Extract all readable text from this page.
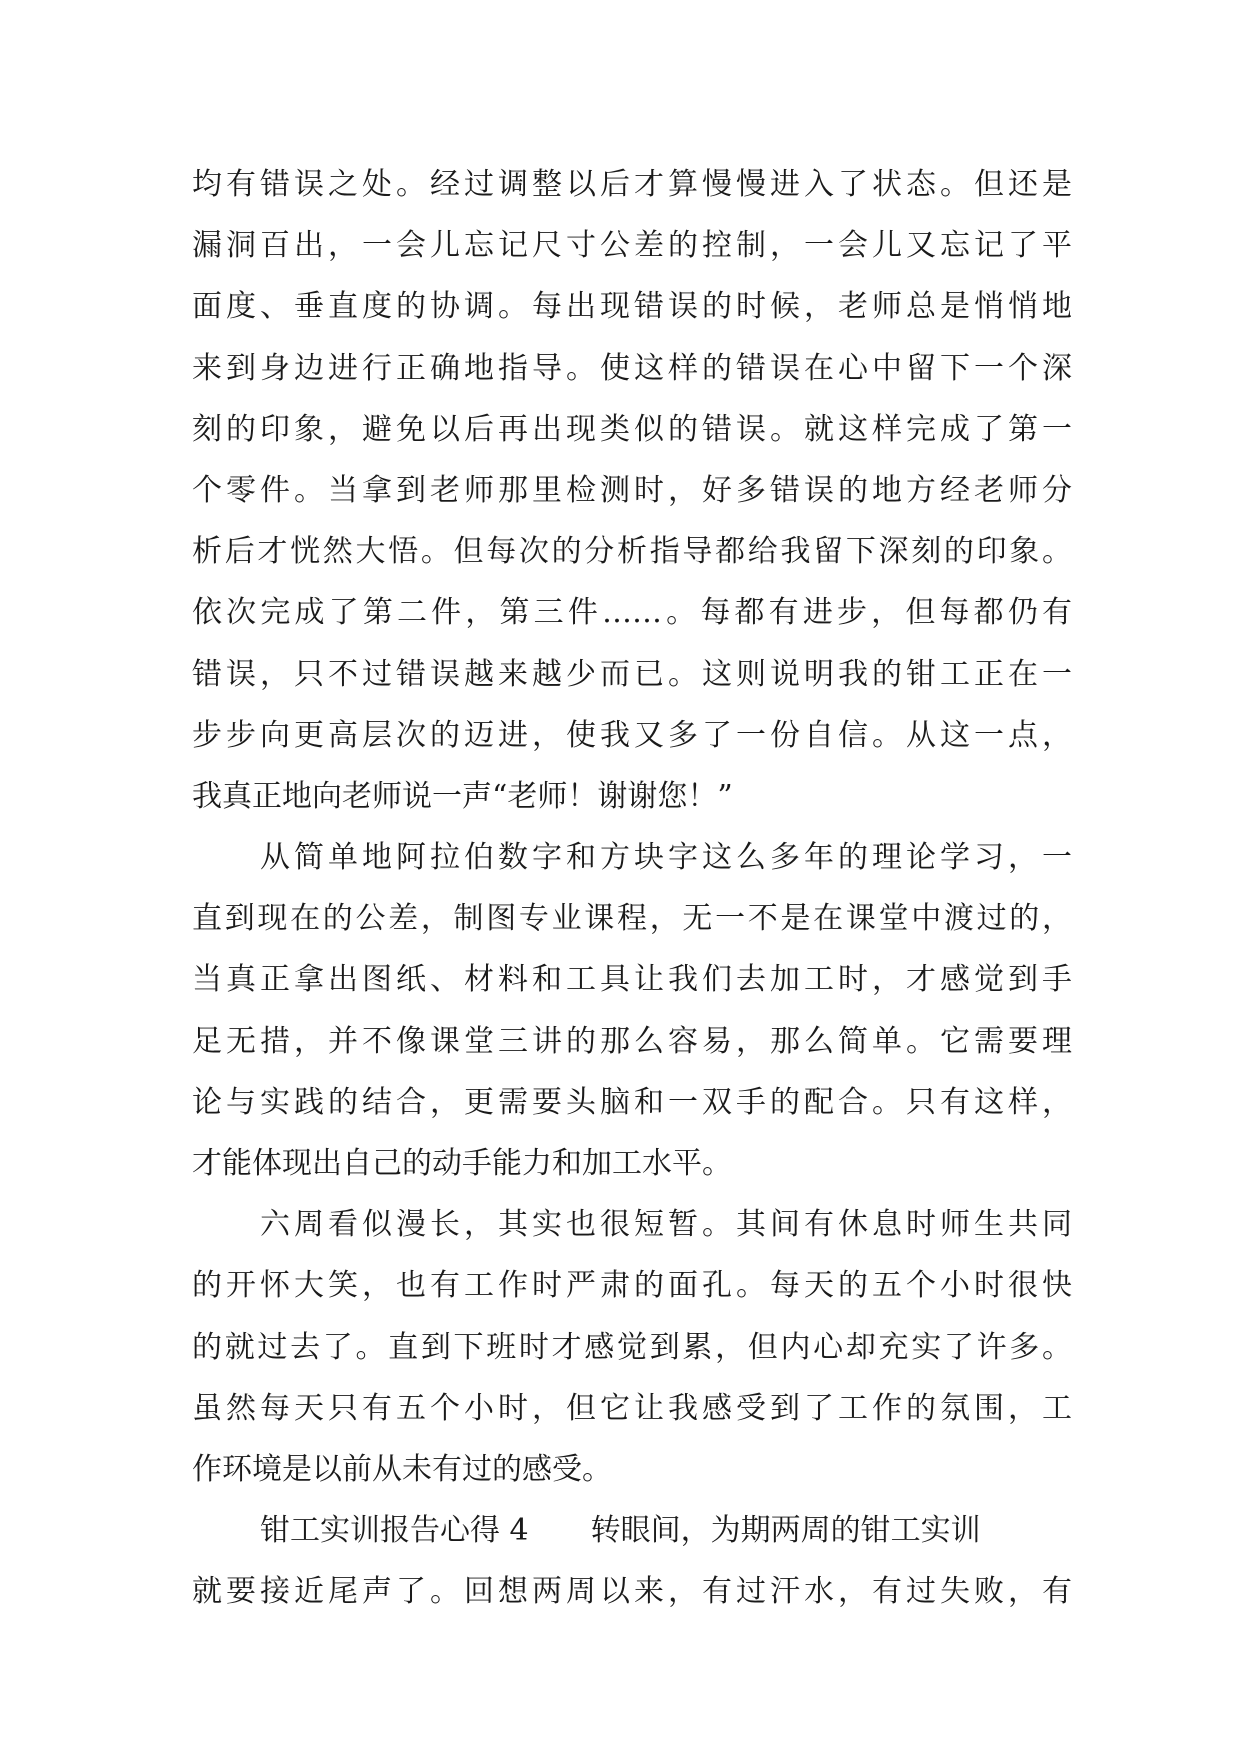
均有错误之处。经过调整以后才算慢慢进入了状态。但还是
漏洞百出，一会儿忘记尺寸公差的控制，一会儿又忘记了平
面度、垂直度的协调。每出现错误的时候，老师总是悄悄地
来到身边进行正确地指导。使这样的错误在心中留下一个深
刻的印象，避免以后再出现类似的错误。就这样完成了第一
个零件。当拿到老师那里检测时，好多错误的地方经老师分
析后才恍然大悟。但每次的分析指导都给我留下深刻的印象。
依次完成了第二件，第三件……。每都有进步，但每都仍有
错误，只不过错误越来越少而已。这则说明我的钳工正在一
步步向更高层次的迈进，使我又多了一份自信。从这一点，
我真正地向老师说一声“老师！谢谢您！”
从简单地阿拉伯数字和方块字这么多年的理论学习，一
直到现在的公差，制图专业课程，无一不是在课堂中渡过的，
当真正拿出图纸、材料和工具让我们去加工时，才感觉到手
足无措，并不像课堂三讲的那么容易，那么简单。它需要理
论与实践的结合，更需要头脑和一双手的配合。只有这样，
才能体现出自己的动手能力和加工水平。
六周看似漫长，其实也很短暂。其间有休息时师生共同
的开怀大笑，也有工作时严肃的面孔。每天的五个小时很快
的就过去了。直到下班时才感觉到累，但内心却充实了许多。
虽然每天只有五个小时，但它让我感受到了工作的氛围，工
作环境是以前从未有过的感受。
钳工实训报告心得 4 转眼间，为期两周的钳工实训
就要接近尾声了。回想两周以来，有过汗水，有过失败，有
